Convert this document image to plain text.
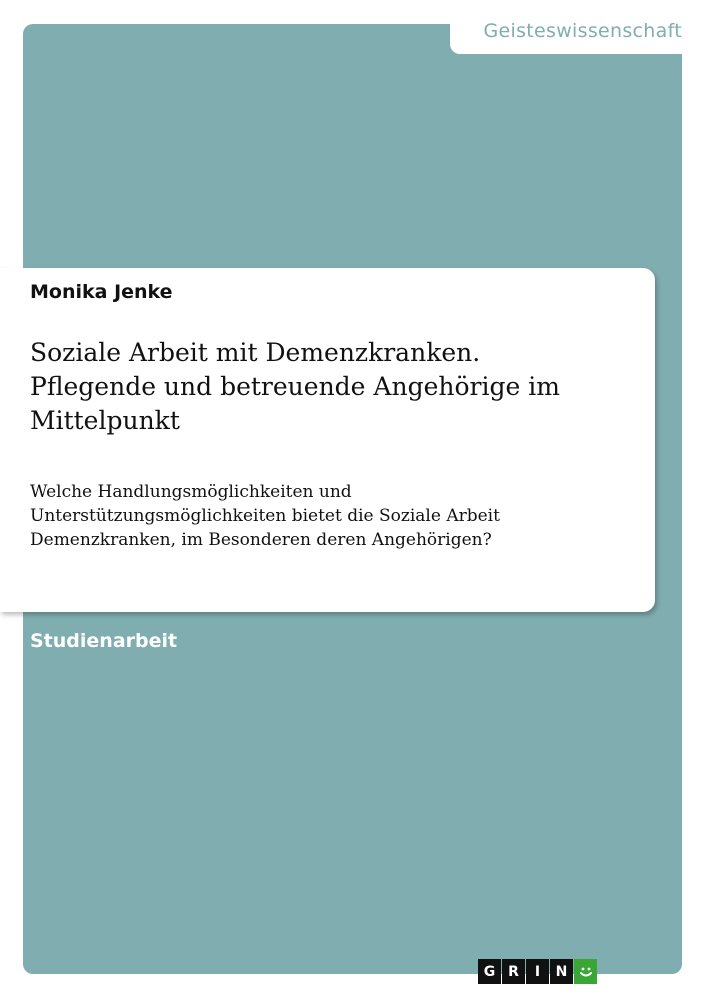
Geisteswissenschaft
Monika Jenke
Soziale Arbeit mit Demenzkranken.
Pflegende und betreuende Angehörige im
Mittelpunkt

Welche Handlungsmöglichkeiten und
Unterstützungsmöglichkeiten bietet die Soziale Arbeit
Demenzkranken, im Besonderen deren Angehörigen?

Studienarbeit
G R	I	N
